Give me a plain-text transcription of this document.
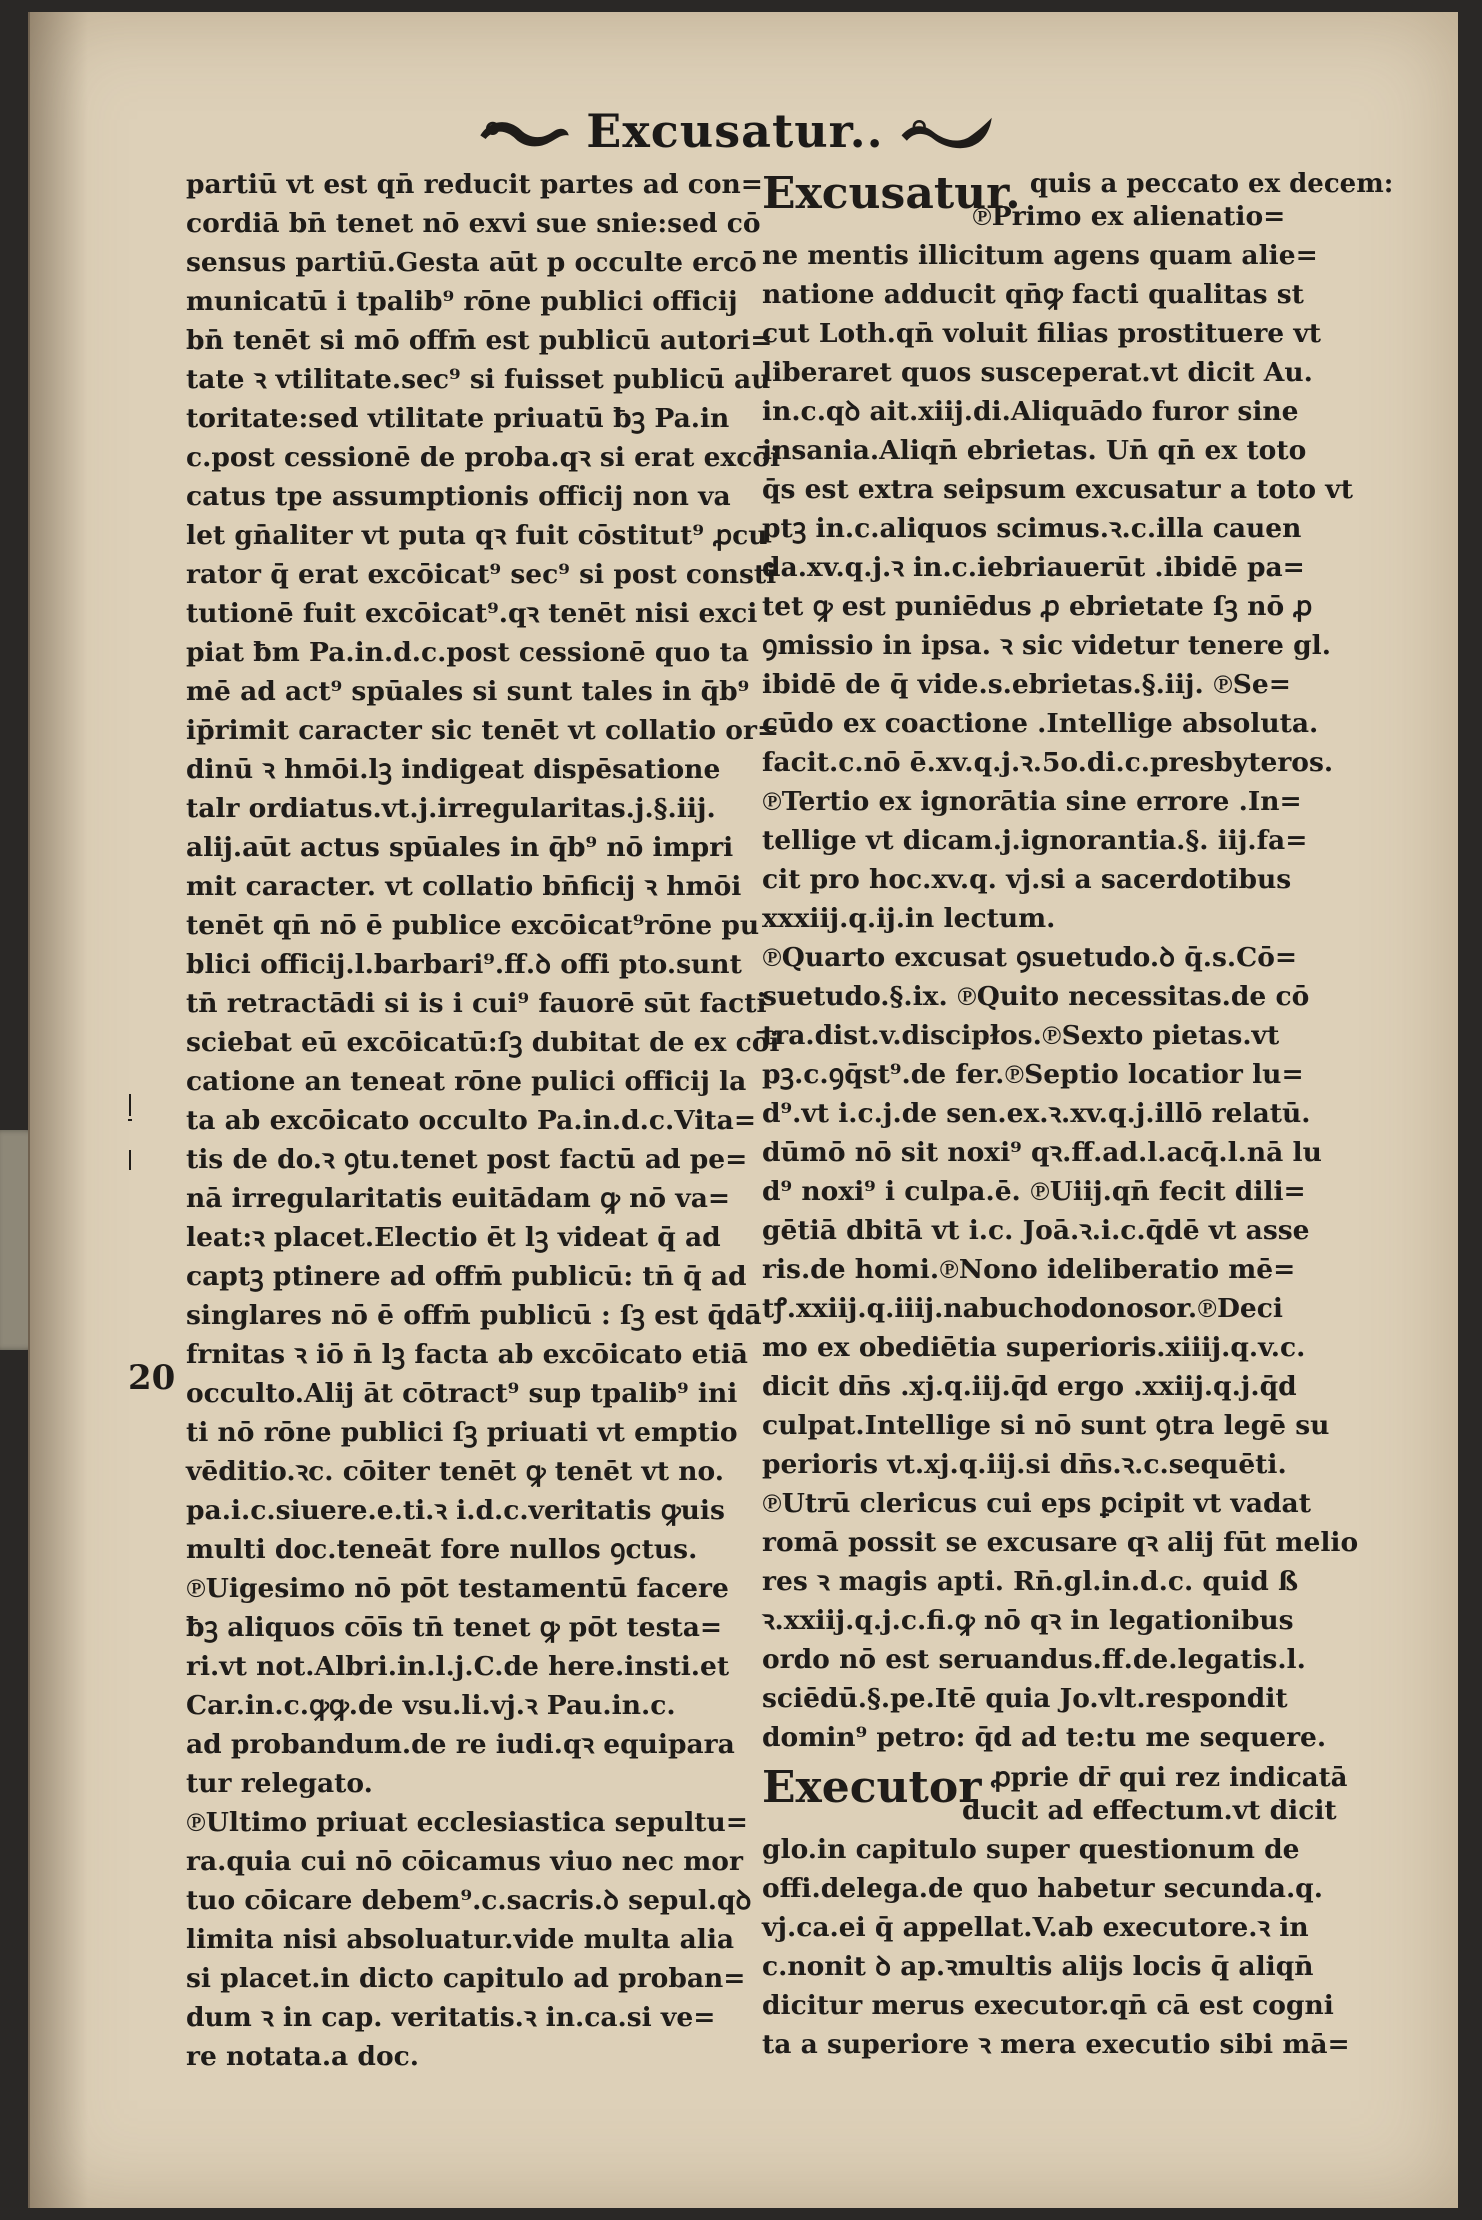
Excusatur..
20
partiū vt est qn̄ reducit partes ad con=
cordiā bn̄ tenet nō exvi sue snie:sed cō
sensus partiū.Gesta aūt p occulte ercō
municatū i tpalib⁹ rōne publici officij
bn̄ tenēt si mō offm̄ est publicū autori=
tate ꝛ vtilitate.sec⁹ si fuisset publicū au
toritate:sed vtilitate priuatū ƀꝫ Pa.in
c.post cessionē de proba.qꝛ si erat excōi
catus tpe assumptionis officij non va
let gn̄aliter vt puta qꝛ fuit cōstitut⁹ ꝓcu
rator q̄ erat excōicat⁹ sec⁹ si post consti
tutionē fuit excōicat⁹.qꝛ tenēt nisi exci
piat ƀm Pa.in.d.c.post cessionē quo ta
mē ad act⁹ spūales si sunt tales in q̄b⁹
ip̄rimit caracter sic tenēt vt collatio or=
dinū ꝛ hmōi.lꝫ indigeat dispēsatione
talr ordiatus.vt.j.irregularitas.j.§.iij.
alij.aūt actus spūales in q̄b⁹ nō impri
mit caracter. vt collatio bn̄ficij ꝛ hmōi
tenēt qn̄ nō ē publice excōicat⁹rōne pu
blici officij.l.barbari⁹.ff.ꝺ offi pto.sunt
tn̄ retractādi si is i cui⁹ fauorē sūt facti
sciebat eū excōicatū:ſꝫ dubitat de ex cōi
catione an teneat rōne pulici officij la
ta ab excōicato occulto Pa.in.d.c.Vita=
tis de do.ꝛ ꝯtu.tenet post factū ad pe=
nā irregularitatis euitādam ꝙ nō va=
leat:ꝛ placet.Electio ēt lꝫ videat q̄ ad
captꝫ ptinere ad offm̄ publicū: tn̄ q̄ ad
singlares nō ē offm̄ publicū : ſꝫ est q̄dā
frnitas ꝛ iō n̄ lꝫ facta ab excōicato etiā
occulto.Alij āt cōtract⁹ sup tpalib⁹ ini
ti nō rōne publici ſꝫ priuati vt emptio
vēditio.ꝛc. cōiter tenēt ꝙ tenēt vt no.
pa.i.c.siuere.e.ti.ꝛ i.d.c.veritatis ꝙuis
multi doc.teneāt fore nullos ꝯctus.
℗Uigesimo nō pōt testamentū facere
ƀꝫ aliquos cōīs tn̄ tenet ꝙ pōt testa=
ri.vt not.Albri.in.l.j.C.de here.insti.et
Car.in.c.ꝙꝙ.de vsu.li.vj.ꝛ Pau.in.c.
ad probandum.de re iudi.qꝛ equipara
tur relegato.
℗Ultimo priuat ecclesiastica sepultu=
ra.quia cui nō cōicamus viuo nec mor
tuo cōicare debem⁹.c.sacris.ꝺ sepul.qꝺ
limita nisi absoluatur.vide multa alia
si placet.in dicto capitulo ad proban=
dum ꝛ in cap. veritatis.ꝛ in.ca.si ve=
re notata.a doc.
Excusatur. quis a peccato ex decem:
℗Primo ex alienatio=
ne mentis illicitum agens quam alie=
natione adducit qn̄ꝙ facti qualitas st
cut Loth.qn̄ voluit filias prostituere vt
liberaret quos susceperat.vt dicit Au.
in.c.qꝺ ait.xiij.di.Aliquādo furor sine
insania.Aliqn̄ ebrietas. Un̄ qn̄ ex toto
q̄s est extra seipsum excusatur a toto vt
ptꝫ in.c.aliquos scimus.ꝛ.c.illa cauen
da.xv.q.j.ꝛ in.c.iebriauerūt .ibidē pa=
tet ꝙ est puniēdus ꝓ ebrietate ſꝫ nō ꝓ
ꝯmissio in ipsa. ꝛ sic videtur tenere gl.
ibidē de q̄ vide.s.ebrietas.§.iij. ℗Se=
cūdo ex coactione .Intellige absoluta.
facit.c.nō ē.xv.q.j.ꝛ.5o.di.c.presbyteros.
℗Tertio ex ignorātia sine errore .In=
tellige vt dicam.j.ignorantia.§. iij.fa=
cit pro hoc.xv.q. vj.si a sacerdotibus
xxxiij.q.ij.in lectum.
℗Quarto excusat ꝯsuetudo.ꝺ q̄.s.Cō=
suetudo.§.ix. ℗Quito necessitas.de cō
tra.dist.v.discipłos.℗Sexto pietas.vt
pꝫ.c.ꝯq̄st⁹.de fer.℗Septio locatior lu=
d⁹.vt i.c.j.de sen.ex.ꝛ.xv.q.j.illō relatū.
dūmō nō sit noxi⁹ qꝛ.ff.ad.l.acq̄.l.nā lu
d⁹ noxi⁹ i culpa.ē. ℗Uiij.qn̄ fecit dili=
gētiā dbitā vt i.c. Joā.ꝛ.i.c.q̄dē vt asse
ris.de homi.℗Nono ideliberatio mē=
tꝭ.xxiij.q.iiij.nabuchodonosor.℗Deci
mo ex obediētia superioris.xiiij.q.v.c.
dicit dn̄s .xj.q.iij.q̄d ergo .xxiij.q.j.q̄d
culpat.Intellige si nō sunt ꝯtra legē su
perioris vt.xj.q.iij.si dn̄s.ꝛ.c.sequēti.
℗Utrū clericus cui eps ꝑcipit vt vadat
romā possit se excusare qꝛ alij fūt melio
res ꝛ magis apti. Rn̄.gl.in.d.c. quid ß
ꝛ.xxiij.q.j.c.fi.ꝙ nō qꝛ in legationibus
ordo nō est seruandus.ff.de.legatis.l.
sciēdū.§.pe.Itē quia Jo.vlt.respondit
domin⁹ petro: q̄d ad te:tu me sequere.
Executor ꝓprie dr̄ qui rez indicatā
ducit ad effectum.vt dicit
glo.in capitulo super questionum de
offi.delega.de quo habetur secunda.q.
vj.ca.ei q̄ appellat.V.ab executore.ꝛ in
c.nonit ꝺ ap.ꝛmultis alijs locis q̄ aliqn̄
dicitur merus executor.qn̄ cā est cogni
ta a superiore ꝛ mera executio sibi mā=
